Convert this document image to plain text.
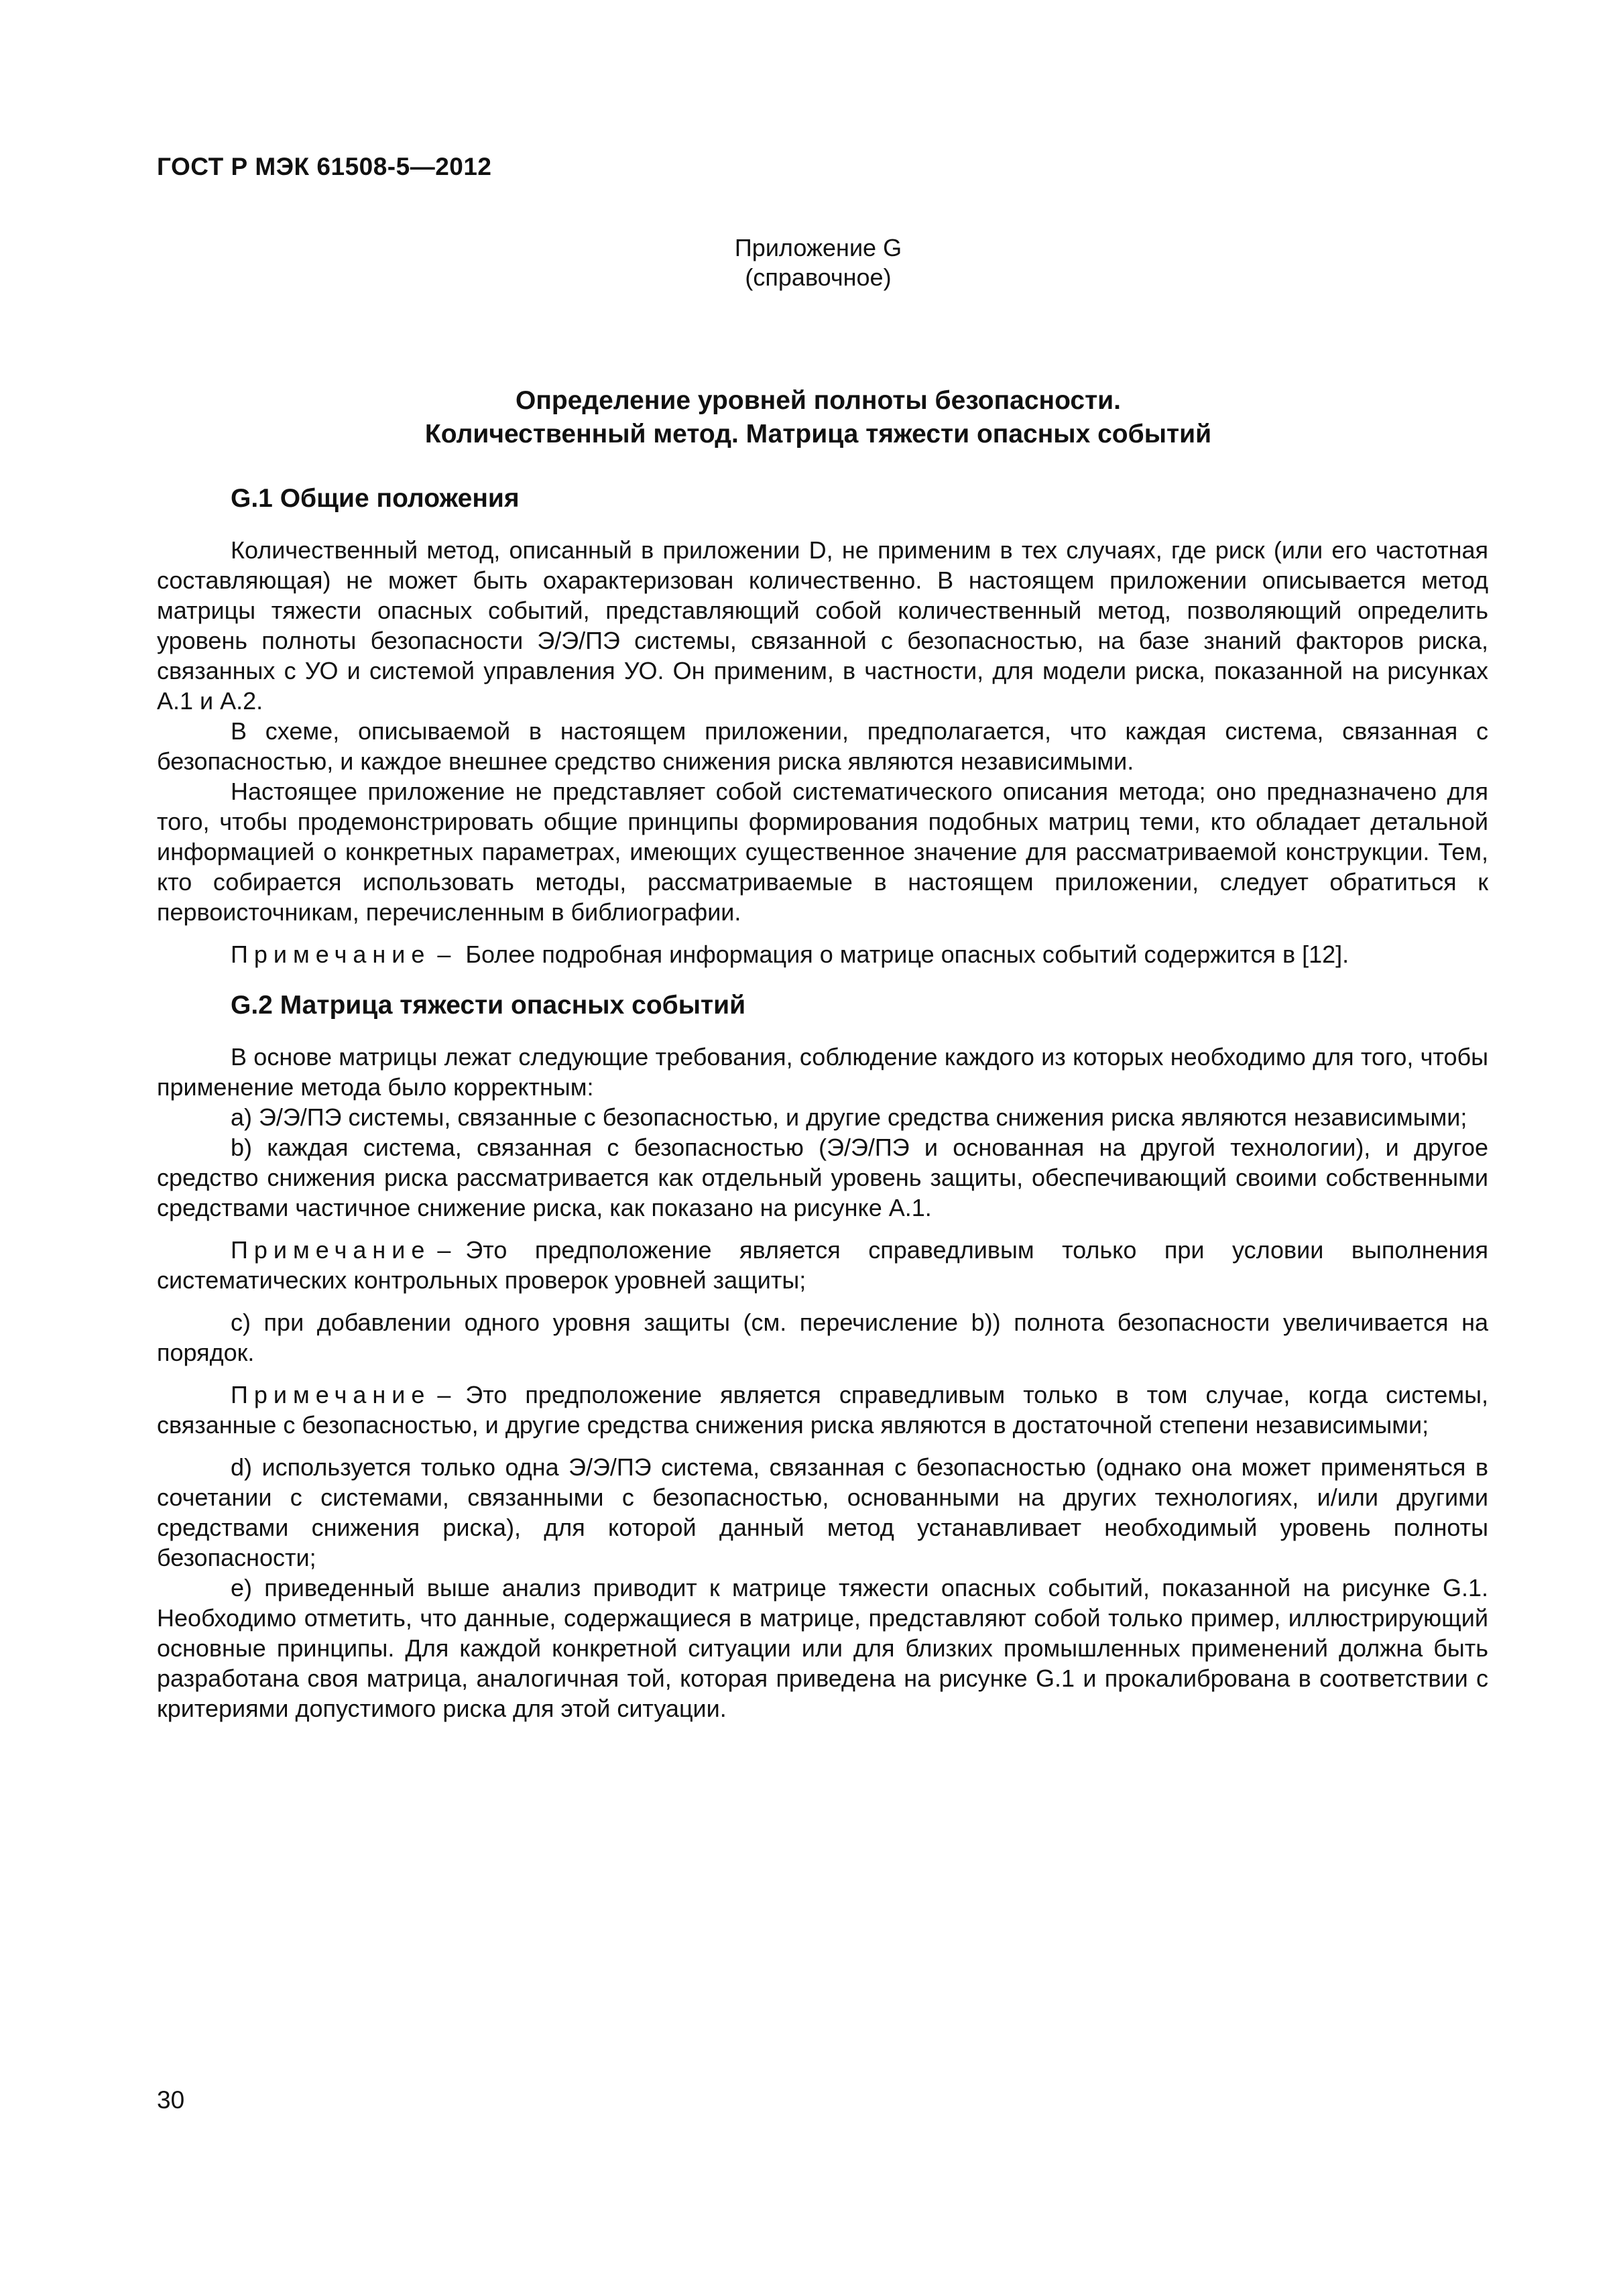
ГОСТ Р МЭК 61508-5—2012
Приложение G
(справочное)
Определение уровней полноты безопасности.
Количественный метод. Матрица тяжести опасных событий
G.1 Общие положения

Количественный метод, описанный в приложении D, не применим в тех случаях, где риск (или его частотная составляющая) не может быть охарактеризован количественно. В настоящем приложении описывается метод матрицы тяжести опасных событий, представляющий собой количественный метод, позволяющий определить уровень полноты безопасности Э/Э/ПЭ системы, связанной с безопасностью, на базе знаний факторов риска, связанных с УО и системой управления УО. Он применим, в частности, для модели риска, показанной на рисунках А.1 и А.2.

В схеме, описываемой в настоящем приложении, предполагается, что каждая система, связанная с безопасностью, и каждое внешнее средство снижения риска являются независимыми.

Настоящее приложение не представляет собой систематического описания метода; оно предназначено для того, чтобы продемонстрировать общие принципы формирования подобных матриц теми, кто обладает детальной информацией о конкретных параметрах, имеющих существенное значение для рассматриваемой конструкции. Тем, кто собирается использовать методы, рассматриваемые в настоящем приложении, следует обратиться к первоисточникам, перечисленным в библиографии.

Примечание – Более подробная информация о матрице опасных событий содержится в [12].

G.2 Матрица тяжести опасных событий

В основе матрицы лежат следующие требования, соблюдение каждого из которых необходимо для того, чтобы применение метода было корректным:

а) Э/Э/ПЭ системы, связанные с безопасностью, и другие средства снижения риска являются независимыми;

b) каждая система, связанная с безопасностью (Э/Э/ПЭ и основанная на другой технологии), и другое средство снижения риска рассматривается как отдельный уровень защиты, обеспечивающий своими собственными средствами частичное снижение риска, как показано на рисунке А.1.

Примечание – Это предположение является справедливым только при условии выполнения систематических контрольных проверок уровней защиты;

c) при добавлении одного уровня защиты (см. перечисление b)) полнота безопасности увеличивается на порядок.

Примечание – Это предположение является справедливым только в том случае, когда системы, связанные с безопасностью, и другие средства снижения риска являются в достаточной степени независимыми;

d) используется только одна Э/Э/ПЭ система, связанная с безопасностью (однако она может применяться в сочетании с системами, связанными с безопасностью, основанными на других технологиях, и/или другими средствами снижения риска), для которой данный метод устанавливает необходимый уровень полноты безопасности;

e) приведенный выше анализ приводит к матрице тяжести опасных событий, показанной на рисунке G.1. Необходимо отметить, что данные, содержащиеся в матрице, представляют собой только пример, иллюстрирующий основные принципы. Для каждой конкретной ситуации или для близких промышленных применений должна быть разработана своя матрица, аналогичная той, которая приведена на рисунке G.1 и прокалибрована в соответствии с критериями допустимого риска для этой ситуации.

30
